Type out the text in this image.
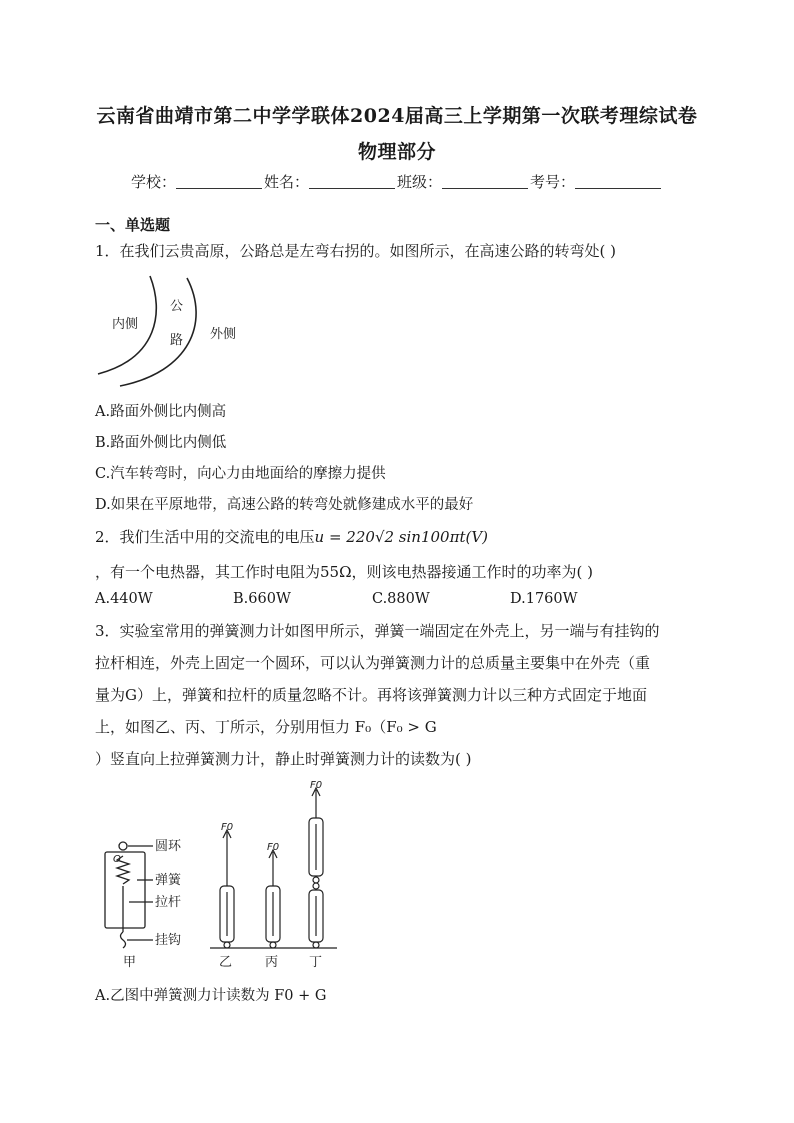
云南省曲靖市第二中学学联体2024届高三上学期第一次联考理综试卷
物理部分
学校：	姓名：	班级：	考号：
一、单选题
1．在我们云贵高原，公路总是左弯右拐的。如图所示，在高速公路的转弯处( )
内侧
公
路 外侧
A.路面外侧比内侧高
B.路面外侧比内侧低
C.汽车转弯时，向心力由地面给的摩擦力提供
D.如果在平原地带，高速公路的转弯处就修建成水平的最好
2．我们生活中用的交流电的电压u = 220√2 sin100πt(V)
，有一个电热器，其工作时电阻为55Ω，则该电热器接通工作时的功率为( )
A.440W	B.660W	C.880W	D.1760W
3．实验室常用的弹簧测力计如图甲所示，弹簧一端固定在外壳上，另一端与有挂钩的
拉杆相连，外壳上固定一个圆环，可以认为弹簧测力计的总质量主要集中在外壳（重
量为G）上，弹簧和拉杆的质量忽略不计。再将该弹簧测力计以三种方式固定于地面
上，如图乙、丙、丁所示，分别用恒力 F₀（F₀ > G
）竖直向上拉弹簧测力计，静止时弹簧测力计的读数为( )
O
圆环
弹簧
拉杆
挂钩
甲
F0
乙
F0
丙
F0
丁
A.乙图中弹簧测力计读数为 F0 + G
